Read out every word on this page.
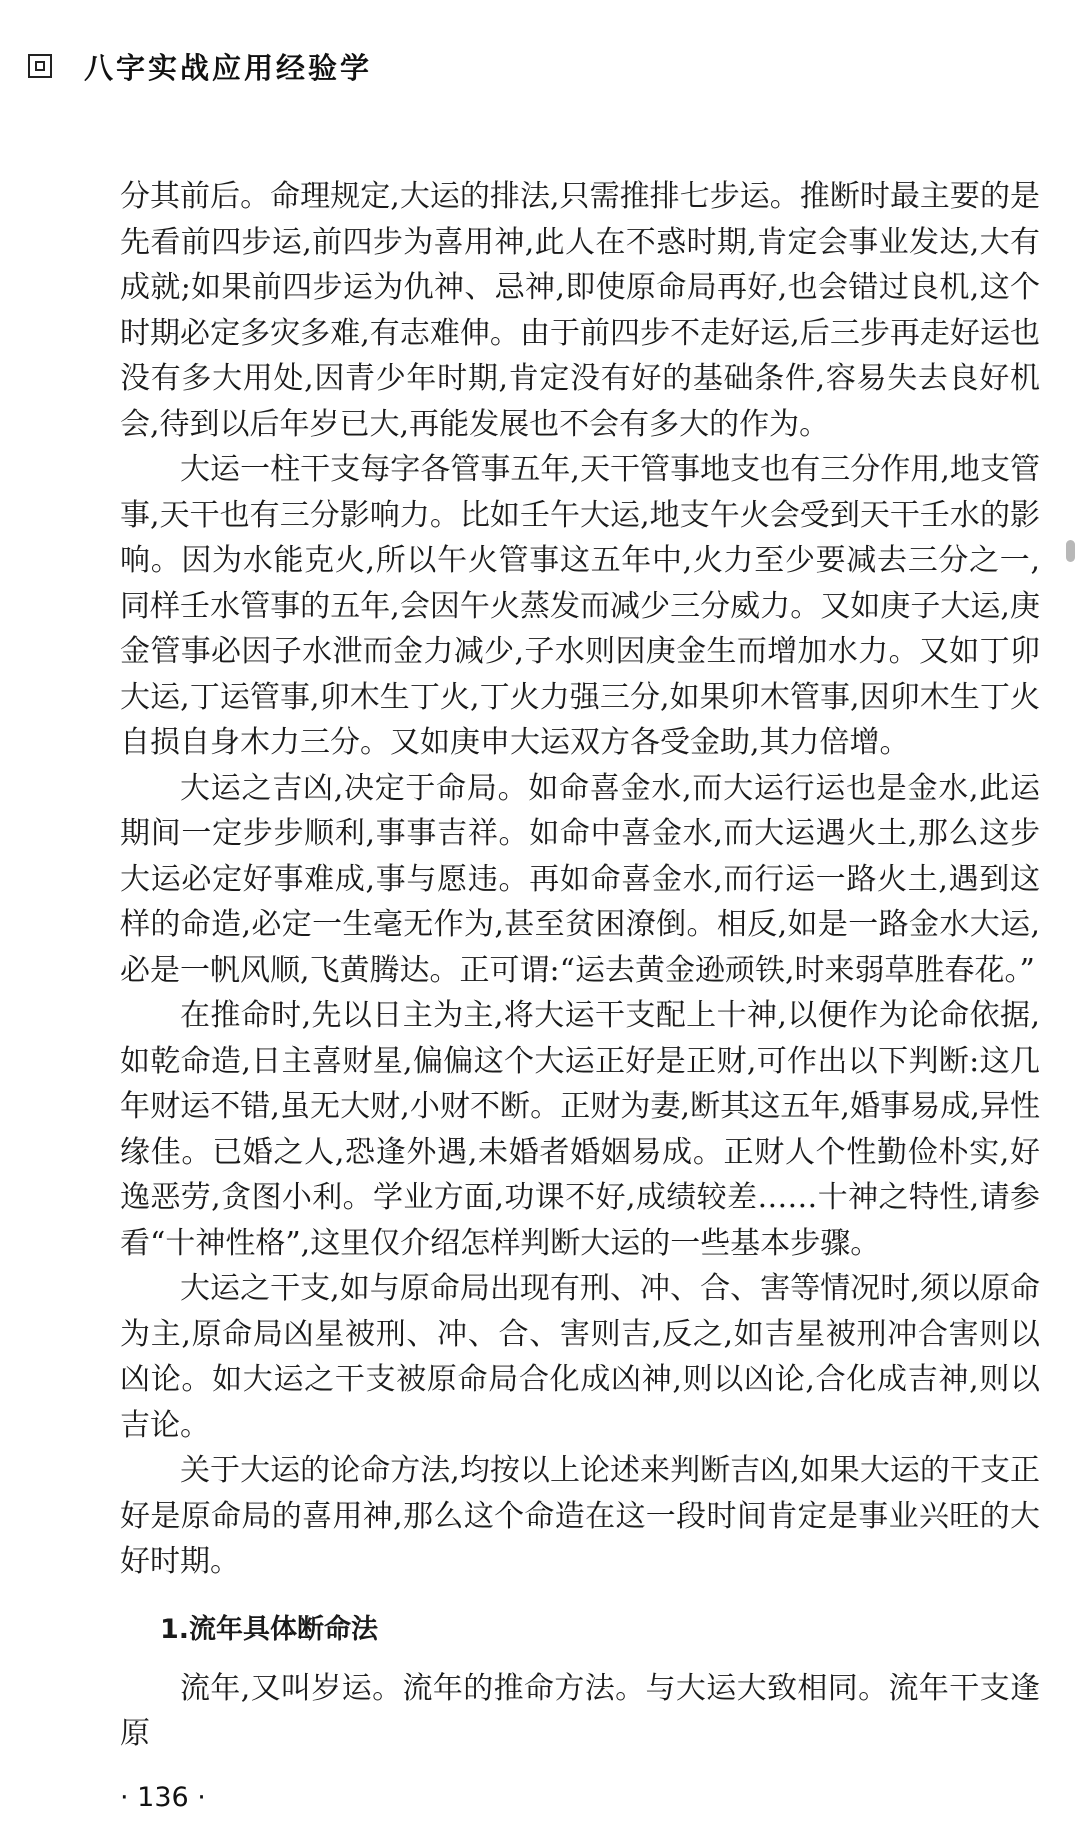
八字实战应用经验学

分其前后。命理规定,大运的排法,只需推排七步运。推断时最主要的是先看前四步运,前四步为喜用神,此人在不惑时期,肯定会事业发达,大有成就;如果前四步运为仇神、忌神,即使原命局再好,也会错过良机,这个时期必定多灾多难,有志难伸。由于前四步不走好运,后三步再走好运也没有多大用处,因青少年时期,肯定没有好的基础条件,容易失去良好机会,待到以后年岁已大,再能发展也不会有多大的作为。

大运一柱干支每字各管事五年,天干管事地支也有三分作用,地支管事,天干也有三分影响力。比如壬午大运,地支午火会受到天干壬水的影响。因为水能克火,所以午火管事这五年中,火力至少要减去三分之一,同样壬水管事的五年,会因午火蒸发而减少三分威力。又如庚子大运,庚金管事必因子水泄而金力减少,子水则因庚金生而增加水力。又如丁卯大运,丁运管事,卯木生丁火,丁火力强三分,如果卯木管事,因卯木生丁火自损自身木力三分。又如庚申大运双方各受金助,其力倍增。

大运之吉凶,决定于命局。如命喜金水,而大运行运也是金水,此运期间一定步步顺利,事事吉祥。如命中喜金水,而大运遇火土,那么这步大运必定好事难成,事与愿违。再如命喜金水,而行运一路火土,遇到这样的命造,必定一生毫无作为,甚至贫困潦倒。相反,如是一路金水大运,必是一帆风顺,飞黄腾达。正可谓:“运去黄金逊顽铁,时来弱草胜春花。”

在推命时,先以日主为主,将大运干支配上十神,以便作为论命依据,如乾命造,日主喜财星,偏偏这个大运正好是正财,可作出以下判断:这几年财运不错,虽无大财,小财不断。正财为妻,断其这五年,婚事易成,异性缘佳。已婚之人,恐逢外遇,未婚者婚姻易成。正财人个性勤俭朴实,好逸恶劳,贪图小利。学业方面,功课不好,成绩较差……十神之特性,请参看“十神性格”,这里仅介绍怎样判断大运的一些基本步骤。

大运之干支,如与原命局出现有刑、冲、合、害等情况时,须以原命为主,原命局凶星被刑、冲、合、害则吉,反之,如吉星被刑冲合害则以凶论。如大运之干支被原命局合化成凶神,则以凶论,合化成吉神,则以吉论。

关于大运的论命方法,均按以上论述来判断吉凶,如果大运的干支正好是原命局的喜用神,那么这个命造在这一段时间肯定是事业兴旺的大好时期。

1.流年具体断命法

流年,又叫岁运。流年的推命方法。与大运大致相同。流年干支逢原

· 136 ·
